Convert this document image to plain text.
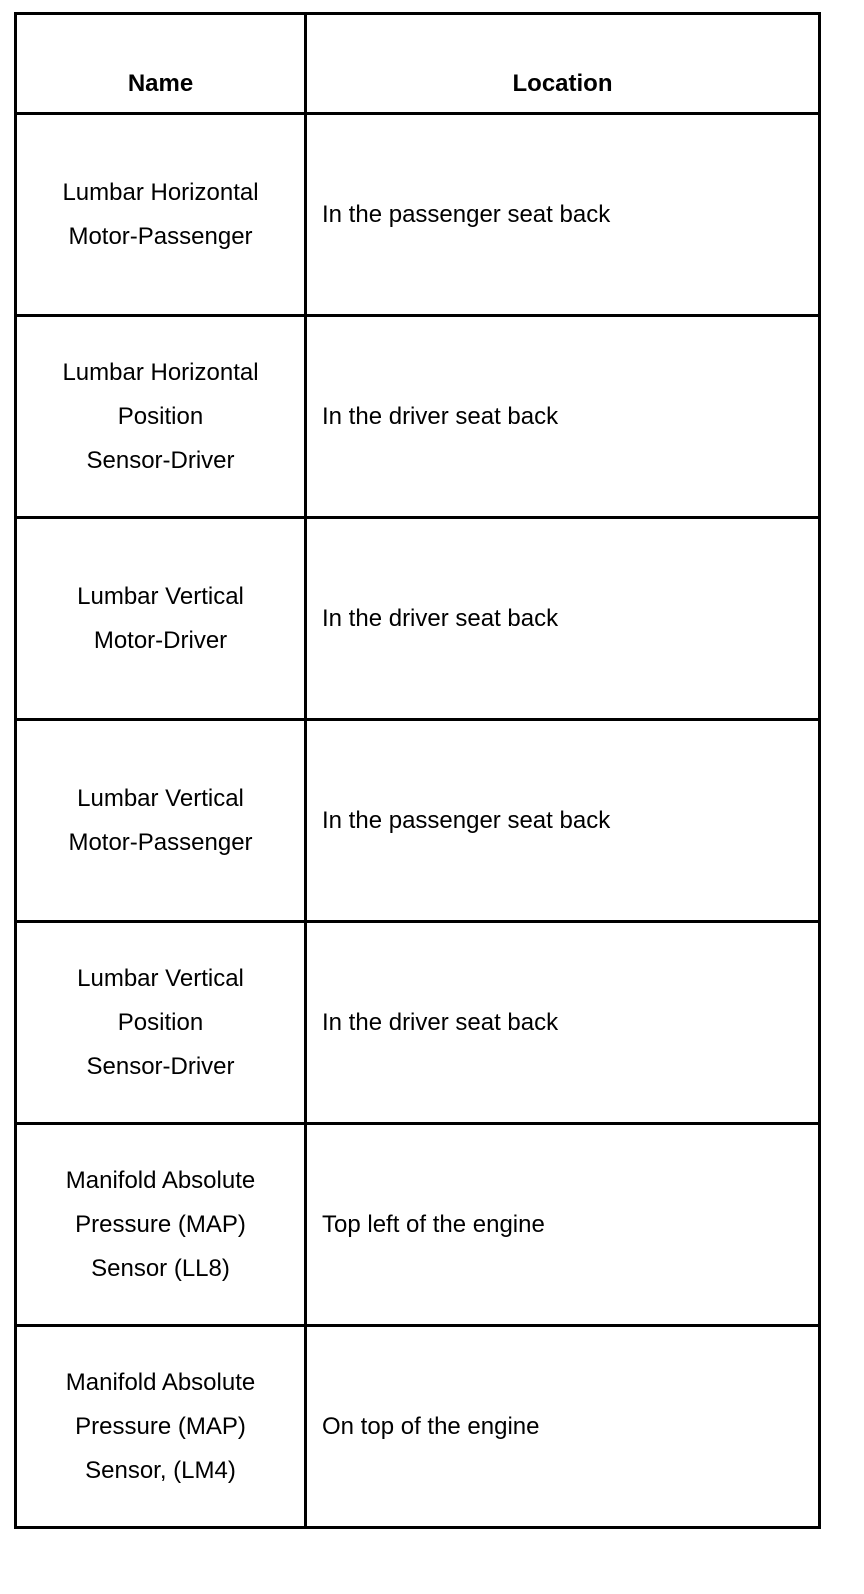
Name	Location

Lumbar Horizontal
Motor-Passenger	In the passenger seat back

Lumbar Horizontal
Position
Sensor-Driver	In the driver seat back

Lumbar Vertical
Motor-Driver	In the driver seat back

Lumbar Vertical
Motor-Passenger	In the passenger seat back

Lumbar Vertical
Position
Sensor-Driver	In the driver seat back

Manifold Absolute
Pressure (MAP)
Sensor (LL8)	Top left of the engine

Manifold Absolute
Pressure (MAP)
Sensor, (LM4)	On top of the engine
